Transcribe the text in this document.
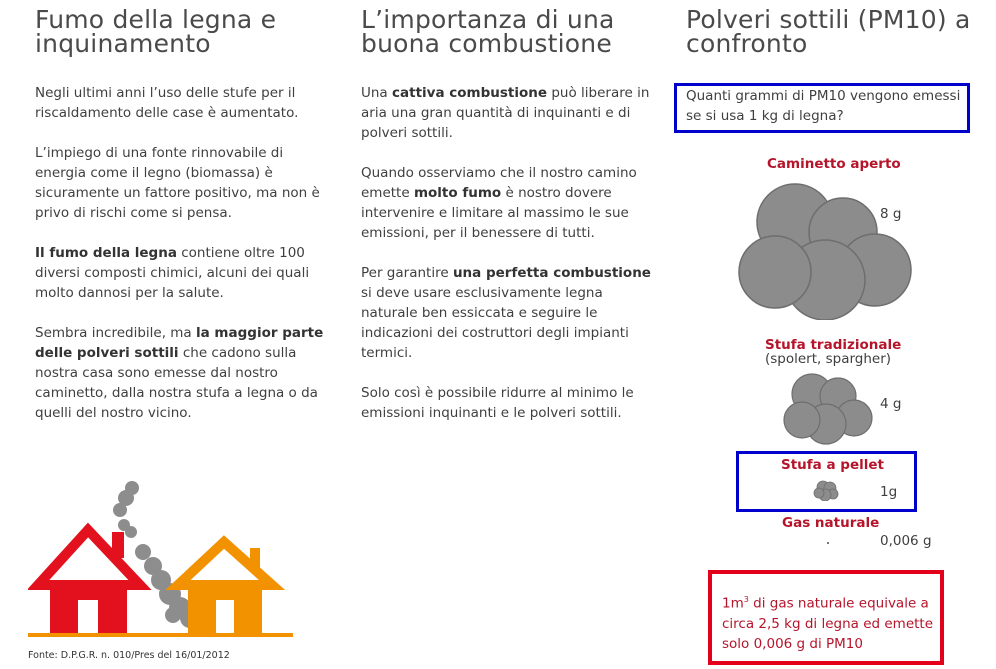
Fumo della legna e
inquinamento

Negli ultimi anni l’uso delle stufe per il riscaldamento delle case è aumentato.

L’impiego di una fonte rinnovabile di energia come il legno (biomassa) è sicuramente un fattore positivo, ma non è privo di rischi come si pensa.

Il fumo della legna contiene oltre 100 diversi composti chimici, alcuni dei quali molto dannosi per la salute.

Sembra incredibile, ma la maggior parte delle polveri sottili che cadono sulla nostra casa sono emesse dal nostro caminetto, dalla nostra stufa a legna o da quelli del nostro vicino.

Fonte: D.P.G.R. n. 010/Pres del 16/01/2012
L’importanza di una
buona combustione

Una cattiva combustione può liberare in aria una gran quantità di inquinanti e di polveri sottili.

Quando osserviamo che il nostro camino emette molto fumo è nostro dovere intervenire e limitare al massimo le sue emissioni, per il benessere di tutti.

Per garantire una perfetta combustione si deve usare esclusivamente legna naturale ben essiccata e seguire le indicazioni dei costruttori degli impianti termici.

Solo così è possibile ridurre al minimo le emissioni inquinanti e le polveri sottili.

Polveri sottili (PM10) a
confronto
Quanti grammi di PM10 vengono emessi se si usa 1 kg di legna?
Caminetto aperto
8 g
Stufa tradizionale
(spolert, spargher)
4 g
Stufa a pellet
1g
Gas naturale
0,006 g
$1m^3$ di gas naturale equivale a circa 2,5 kg di legna ed emette solo 0,006 g di PM10
